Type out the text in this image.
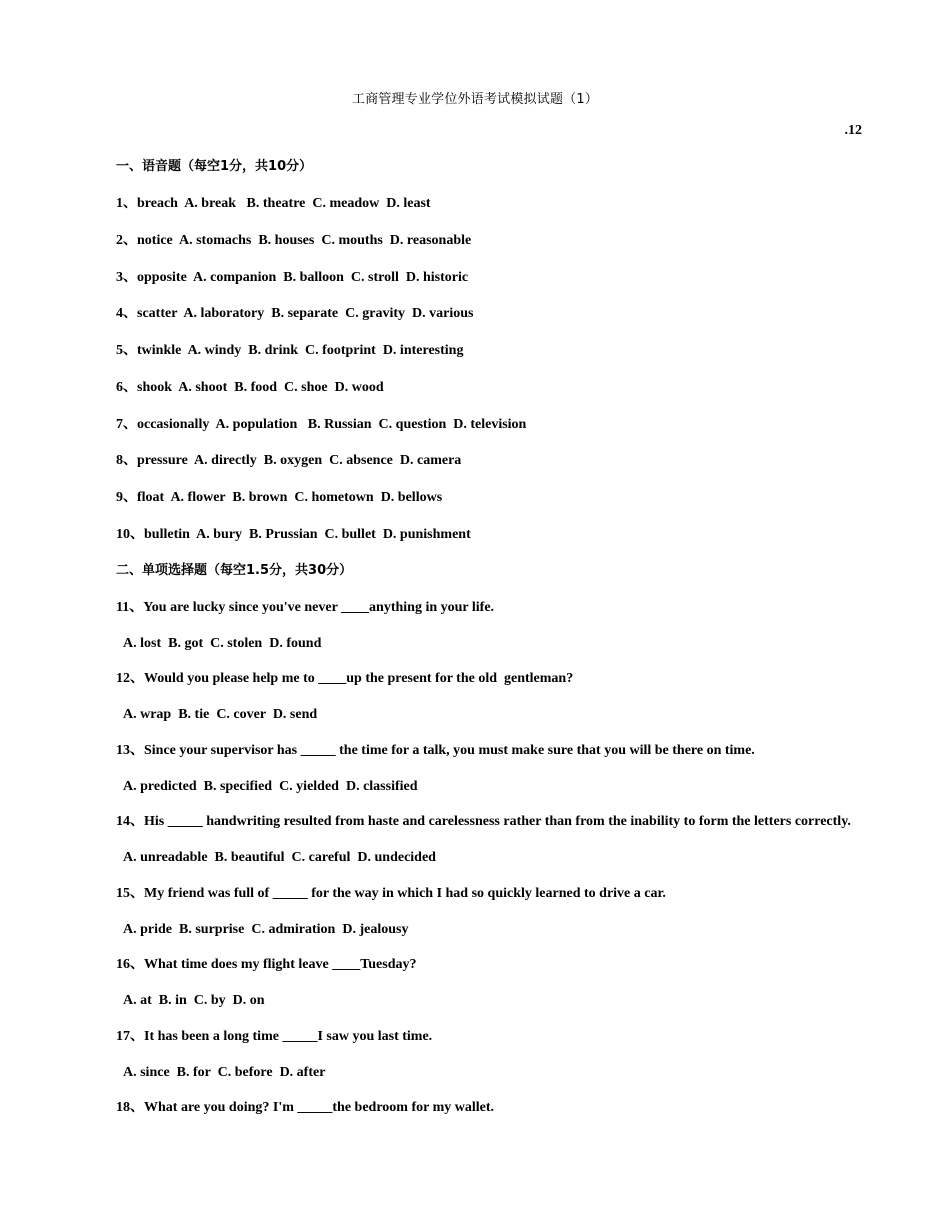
工商管理专业学位外语考试模拟试题（1）
.12
一、语音题（每空1分，共10分）
1、breach  A. break   B. theatre  C. meadow  D. least
2、notice  A. stomachs  B. houses  C. mouths  D. reasonable
3、opposite  A. companion  B. balloon  C. stroll  D. historic
4、scatter  A. laboratory  B. separate  C. gravity  D. various
5、twinkle  A. windy  B. drink  C. footprint  D. interesting
6、shook  A. shoot  B. food  C. shoe  D. wood
7、occasionally  A. population   B. Russian  C. question  D. television
8、pressure  A. directly  B. oxygen  C. absence  D. camera
9、float  A. flower  B. brown  C. hometown  D. bellows
10、bulletin  A. bury  B. Prussian  C. bullet  D. punishment
二、单项选择题（每空1.5分，共30分）
11、You are lucky since you've never ____anything in your life.
A. lost  B. got  C. stolen  D. found
12、Would you please help me to ____up the present for the old  gentleman?
A. wrap  B. tie  C. cover  D. send
13、Since your supervisor has _____ the time for a talk, you must make sure that you will be there on time.
A. predicted  B. specified  C. yielded  D. classified
14、His _____ handwriting resulted from haste and carelessness rather than from the inability to form the letters correctly.
A. unreadable  B. beautiful  C. careful  D. undecided
15、My friend was full of _____ for the way in which I had so quickly learned to drive a car.
A. pride  B. surprise  C. admiration  D. jealousy
16、What time does my flight leave ____Tuesday?
A. at  B. in  C. by  D. on
17、It has been a long time _____I saw you last time.
A. since  B. for  C. before  D. after
18、What are you doing? I'm _____the bedroom for my wallet.
